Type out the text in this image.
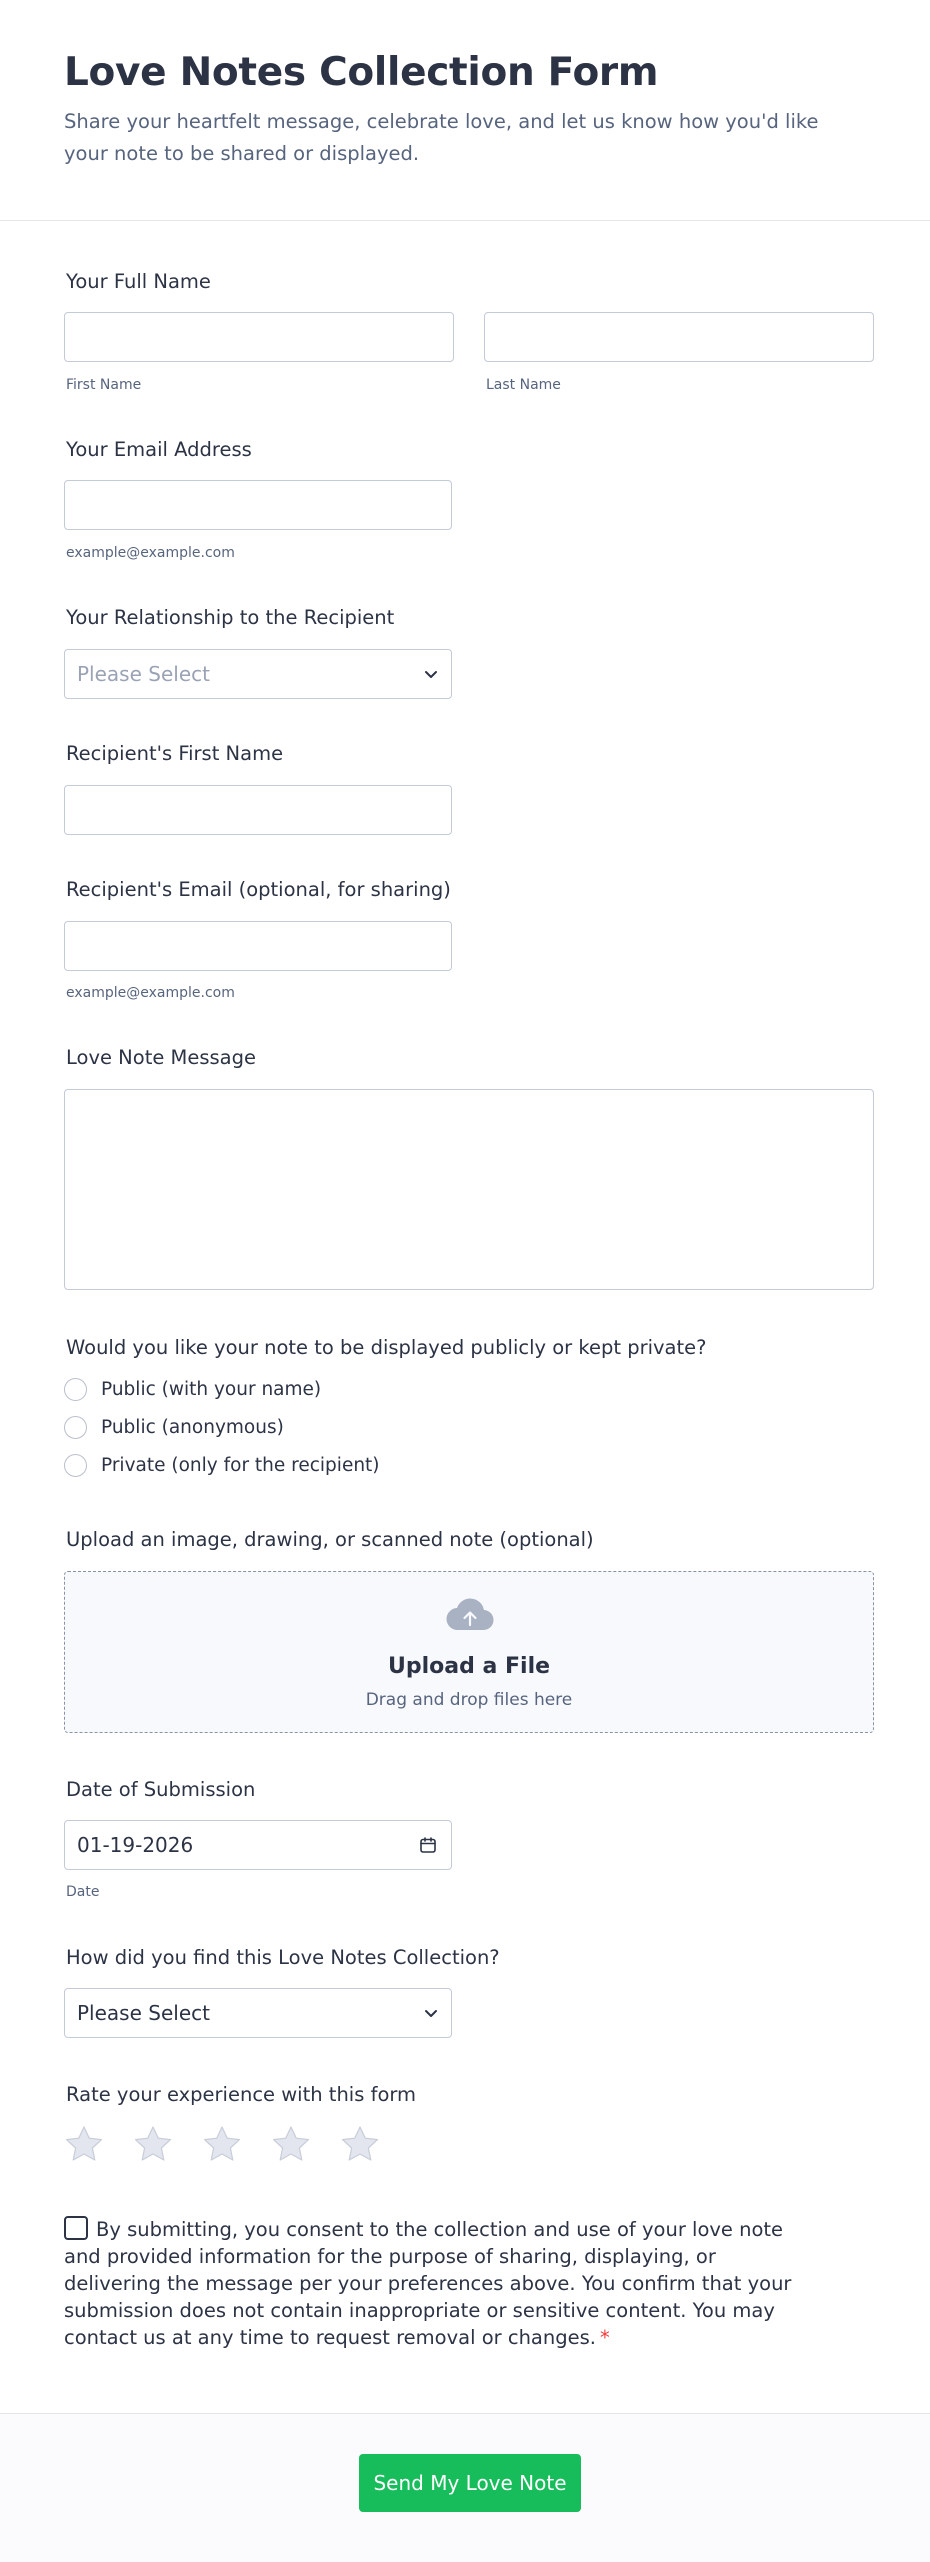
Love Notes Collection Form
Share your heartfelt message, celebrate love, and let us know how you'd like your note to be shared or displayed.
Your Full Name
First Name	Last Name
Your Email Address
example@example.com
Your Relationship to the Recipient
Please Select
Recipient's First Name
Recipient's Email (optional, for sharing)
example@example.com
Love Note Message
Would you like your note to be displayed publicly or kept private?
Public (with your name)
Public (anonymous)
Private (only for the recipient)
Upload an image, drawing, or scanned note (optional)
Upload a File
Drag and drop files here
Date of Submission
01-19-2026
Date
How did you find this Love Notes Collection?
Please Select
Rate your experience with this form
By submitting, you consent to the collection and use of your love note and provided information for the purpose of sharing, displaying, or delivering the message per your preferences above. You confirm that your submission does not contain inappropriate or sensitive content. You may contact us at any time to request removal or changes. *
Send My Love Note
